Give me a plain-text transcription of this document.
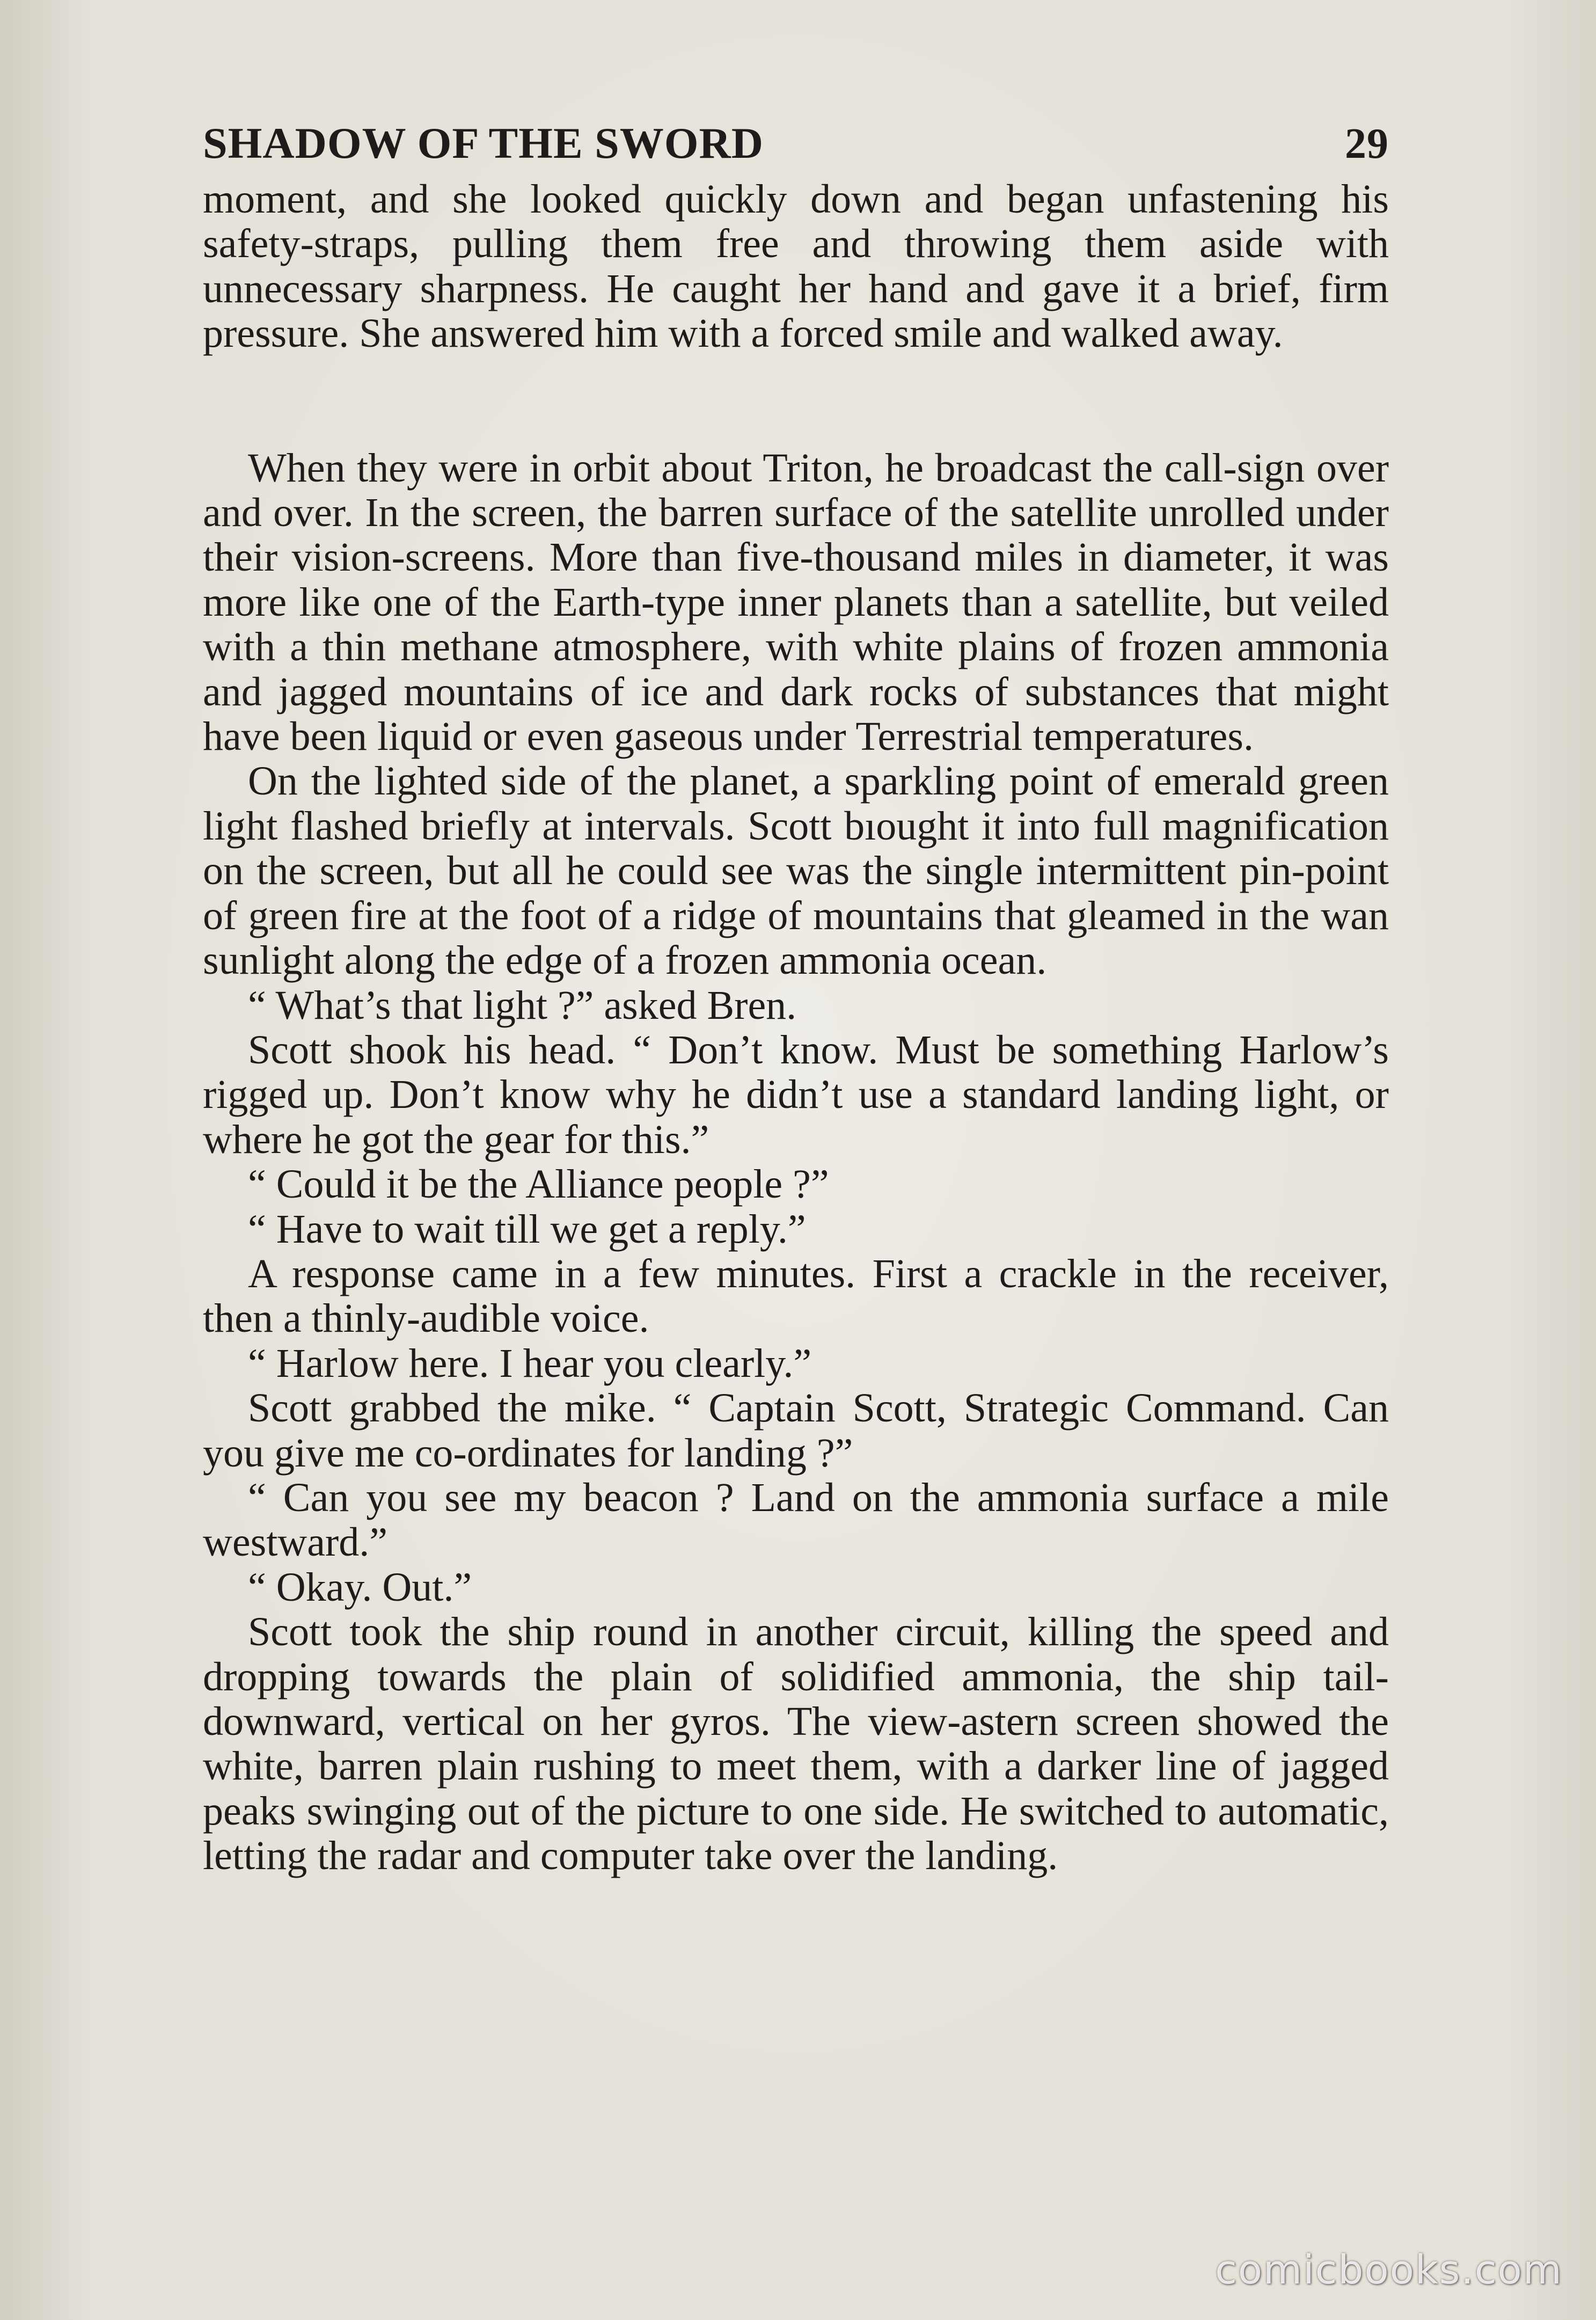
SHADOW OF THE SWORD	29

moment, and she looked quickly down and began unfastening his safety-straps, pulling them free and throwing them aside with unnecessary sharpness. He caught her hand and gave it a brief, firm pressure. She answered him with a forced smile and walked away.

When they were in orbit about Triton, he broadcast the call-sign over and over. In the screen, the barren surface of the satellite unrolled under their vision-screens. More than five-thousand miles in diameter, it was more like one of the Earth-type inner planets than a satellite, but veiled with a thin methane atmosphere, with white plains of frozen ammonia and jagged mountains of ice and dark rocks of substances that might have been liquid or even gaseous under Terrestrial temperatures.

On the lighted side of the planet, a sparkling point of emerald green light flashed briefly at intervals. Scott bıought it into full magnification on the screen, but all he could see was the single intermittent pin-point of green fire at the foot of a ridge of mountains that gleamed in the wan sunlight along the edge of a frozen ammonia ocean.

“ What’s that light ?” asked Bren.

Scott shook his head. “ Don’t know. Must be something Harlow’s rigged up. Don’t know why he didn’t use a standard landing light, or where he got the gear for this.”

“ Could it be the Alliance people ?”

“ Have to wait till we get a reply.”

A response came in a few minutes. First a crackle in the receiver, then a thinly-audible voice.

“ Harlow here. I hear you clearly.”

Scott grabbed the mike. “ Captain Scott, Strategic Command. Can you give me co-ordinates for landing ?”

“ Can you see my beacon ? Land on the ammonia surface a mile westward.”

“ Okay. Out.”

Scott took the ship round in another circuit, killing the speed and dropping towards the plain of solidified ammonia, the ship tail-downward, vertical on her gyros. The view-astern screen showed the white, barren plain rushing to meet them, with a darker line of jagged peaks swinging out of the picture to one side. He switched to automatic, letting the radar and computer take over the landing.

comicbooks.com
